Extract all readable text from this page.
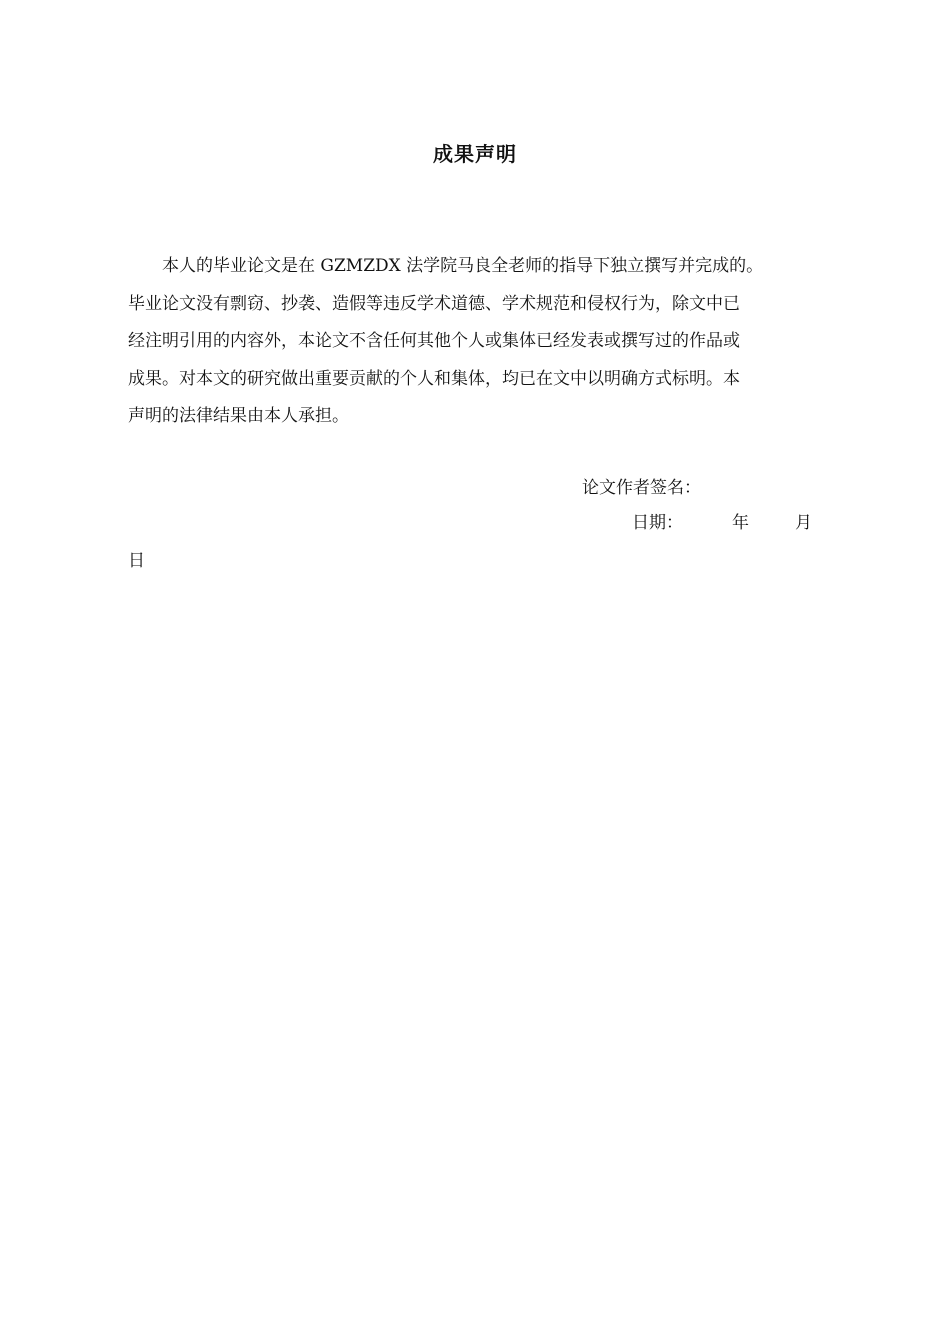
成果声明
本人的毕业论文是在 GZMZDX 法学院马良全老师的指导下独立撰写并完成的。
毕业论文没有剽窃、抄袭、造假等违反学术道德、学术规范和侵权行为，除文中已
经注明引用的内容外，本论文不含任何其他个人或集体已经发表或撰写过的作品或
成果。对本文的研究做出重要贡献的个人和集体，均已在文中以明确方式标明。本
声明的法律结果由本人承担。
论文作者签名：
日期：	年	月
日
